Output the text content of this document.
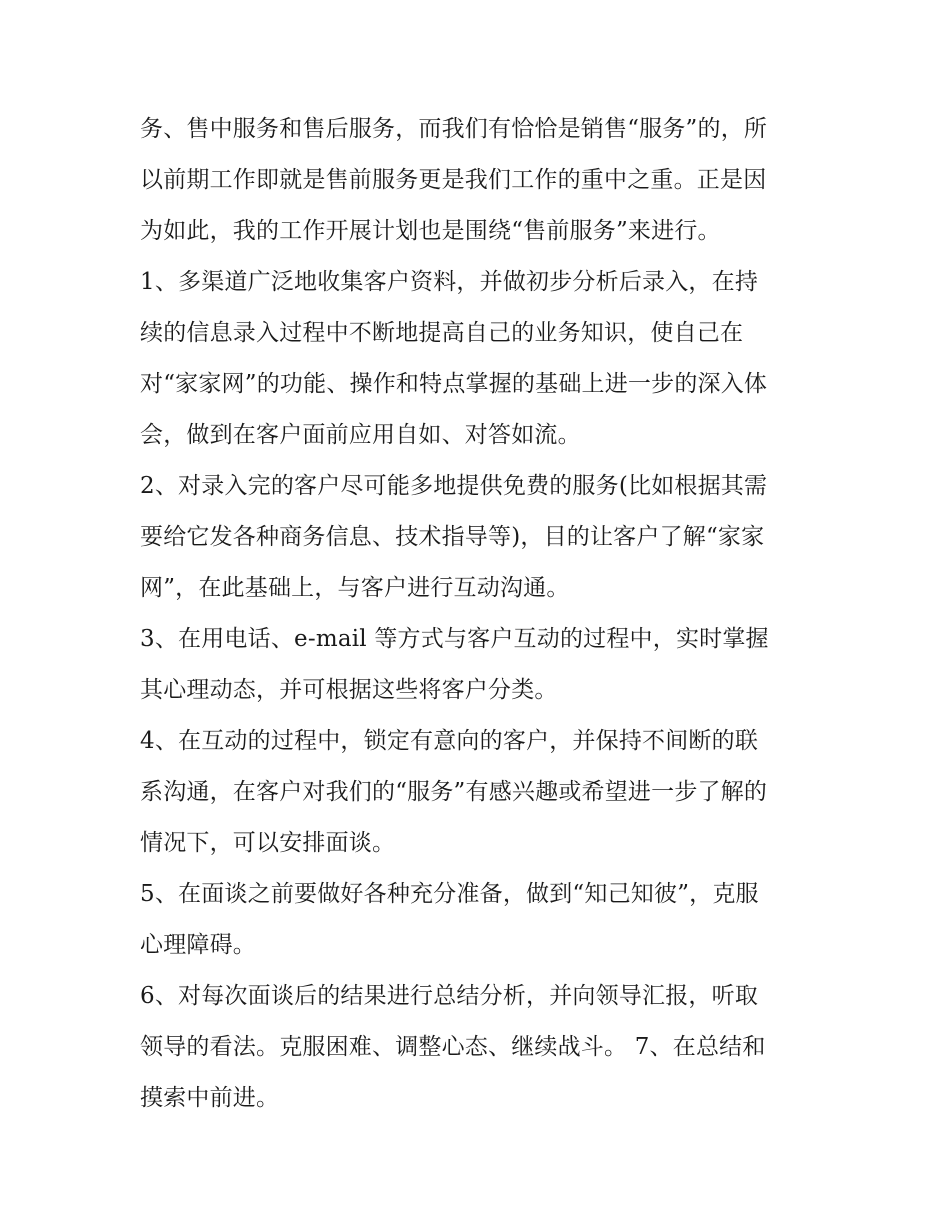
务、售中服务和售后服务，而我们有恰恰是销售“服务”的，所
以前期工作即就是售前服务更是我们工作的重中之重。正是因
为如此，我的工作开展计划也是围绕“售前服务”来进行。
1、多渠道广泛地收集客户资料，并做初步分析后录入，在持
续的信息录入过程中不断地提高自己的业务知识，使自己在
对“家家网”的功能、操作和特点掌握的基础上进一步的深入体
会，做到在客户面前应用自如、对答如流。
2、对录入完的客户尽可能多地提供免费的服务(比如根据其需
要给它发各种商务信息、技术指导等)，目的让客户了解“家家
网”，在此基础上，与客户进行互动沟通。
3、在用电话、e-mail 等方式与客户互动的过程中，实时掌握
其心理动态，并可根据这些将客户分类。
4、在互动的过程中，锁定有意向的客户，并保持不间断的联
系沟通，在客户对我们的“服务”有感兴趣或希望进一步了解的
情况下，可以安排面谈。
5、在面谈之前要做好各种充分准备，做到“知己知彼”，克服
心理障碍。
6、对每次面谈后的结果进行总结分析，并向领导汇报，听取
领导的看法。克服困难、调整心态、继续战斗。 7、在总结和
摸索中前进。
